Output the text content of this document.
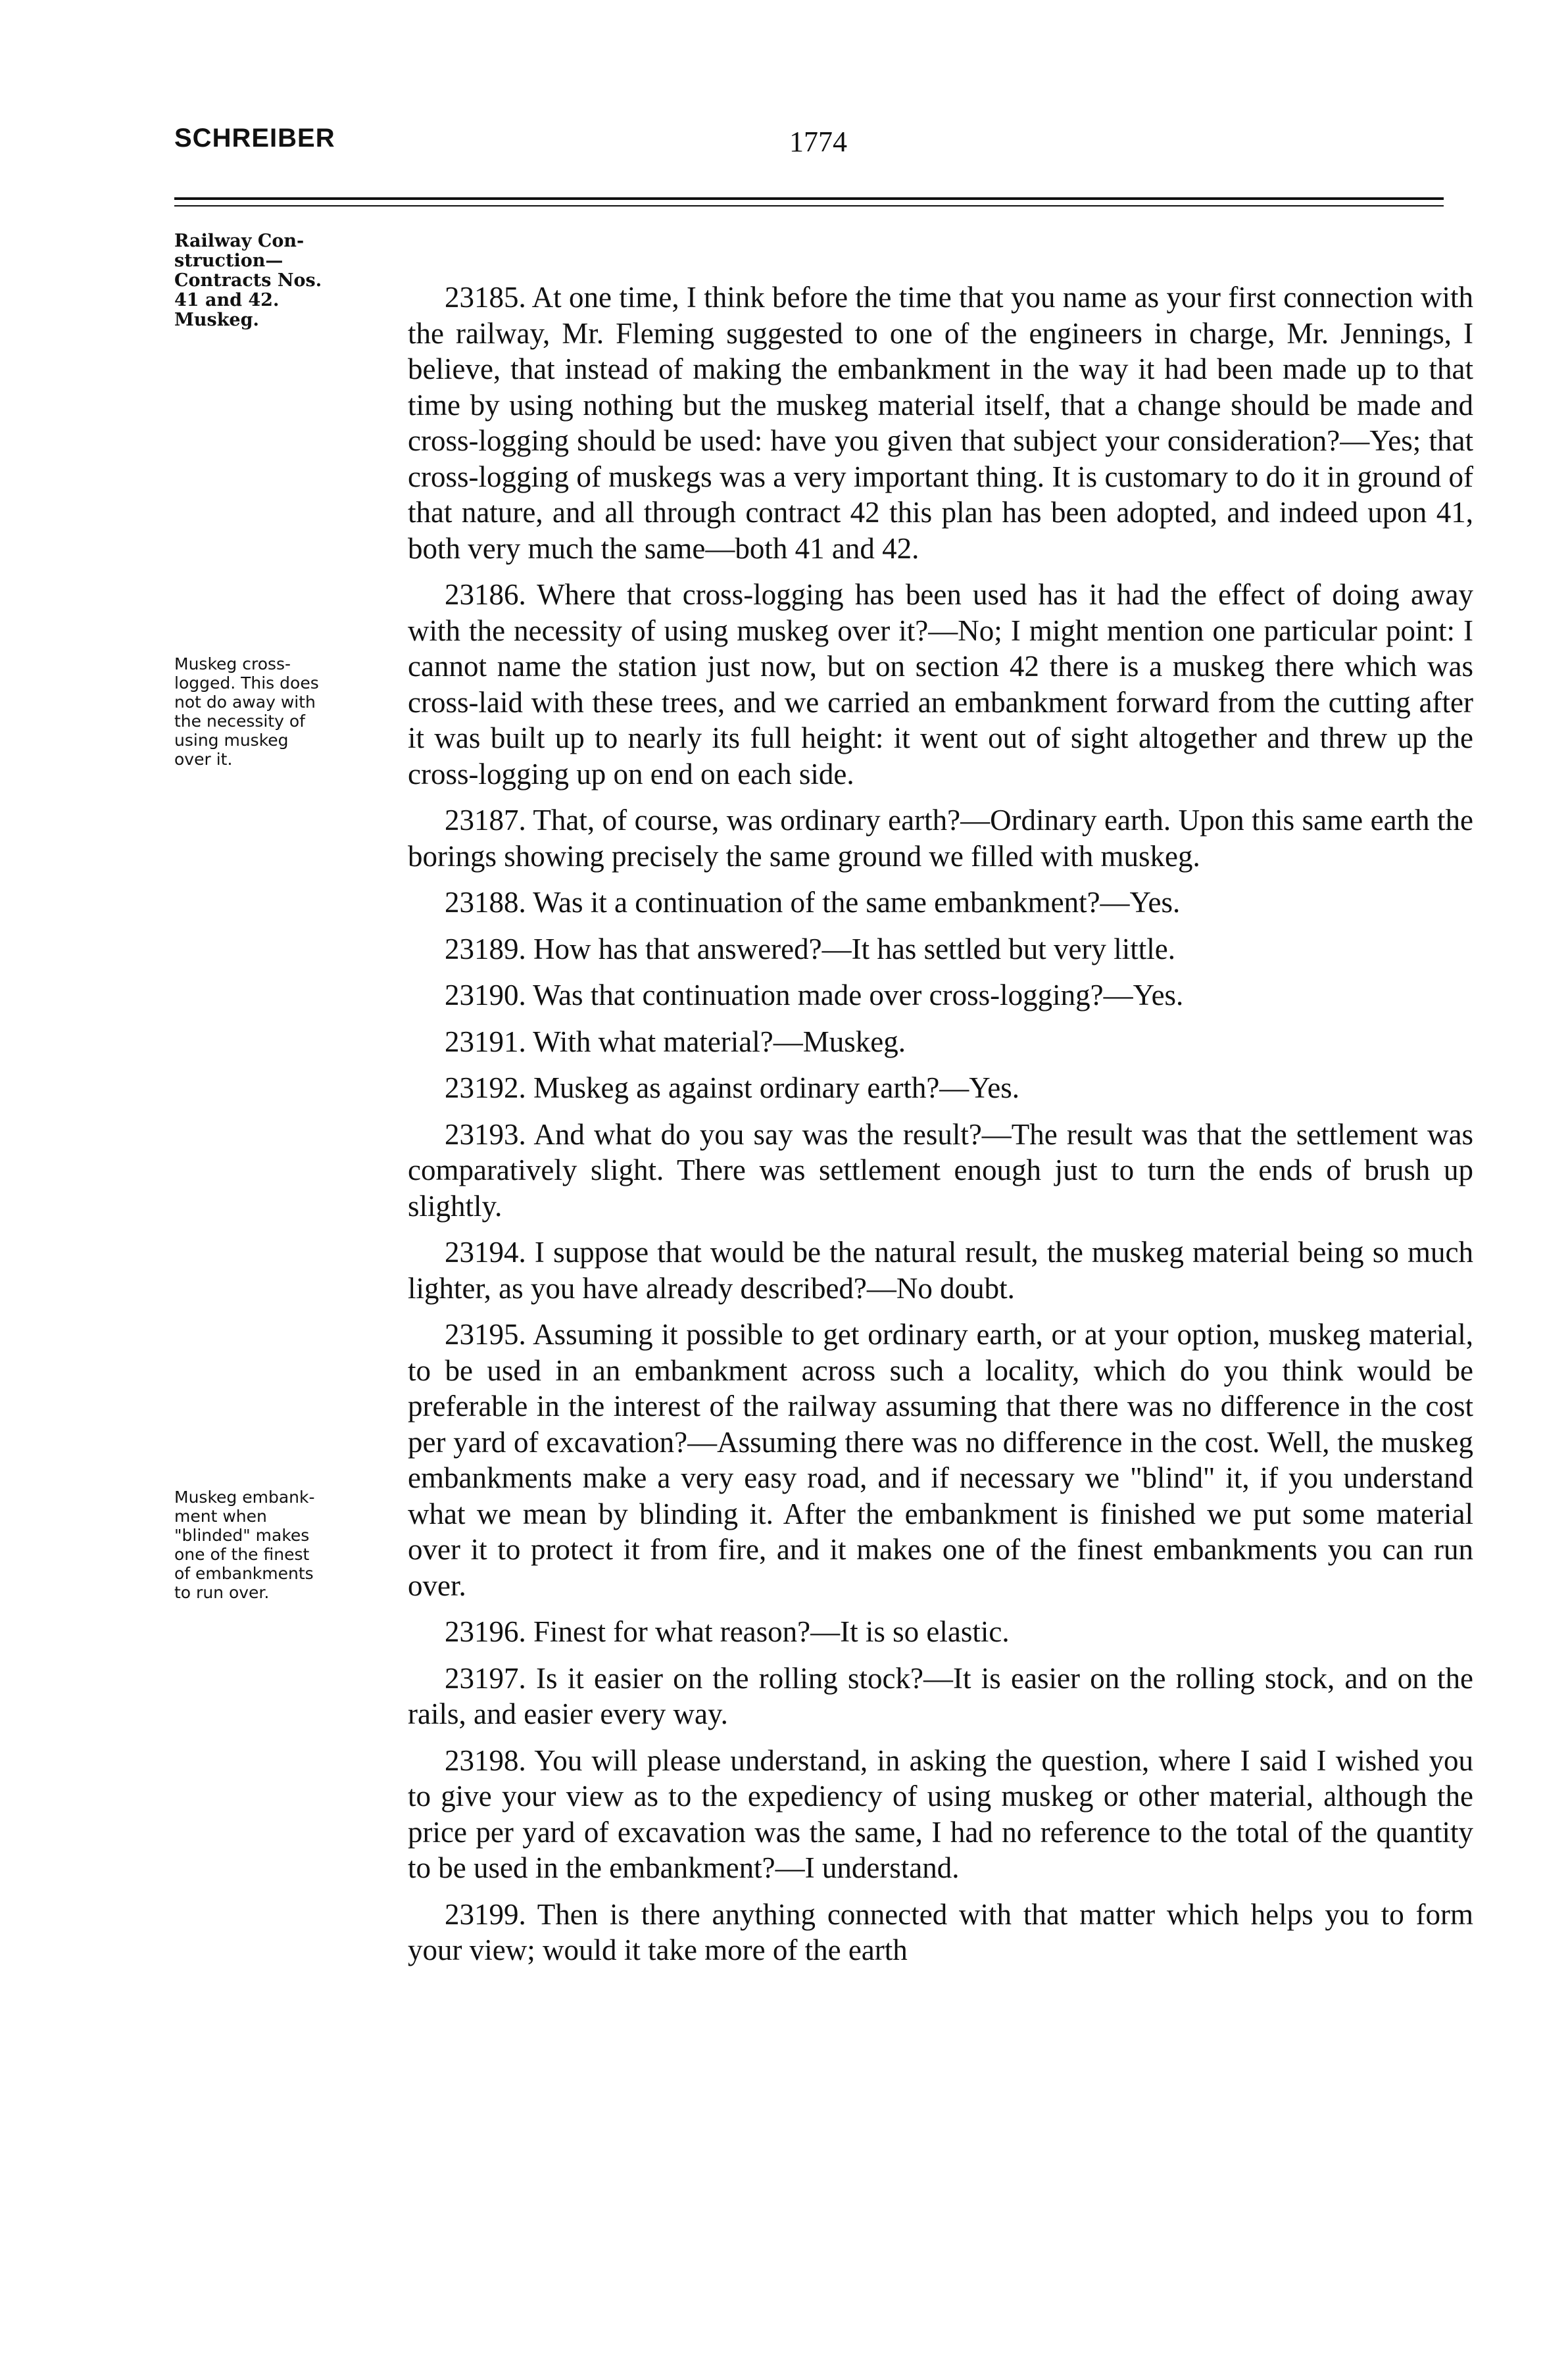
SCHREIBER	1774
Railway Con-
struction—
Contracts Nos.
41 and 42.
Muskeg.
Muskeg cross-
logged. This does
not do away with
the necessity of
using muskeg
over it.
Muskeg embank-
ment when
"blinded" makes
one of the finest
of embankments
to run over.

23185. At one time, I think before the time that you name as your first connection with the railway, Mr. Fleming suggested to one of the engineers in charge, Mr. Jennings, I believe, that instead of making the embankment in the way it had been made up to that time by using nothing but the muskeg material itself, that a change should be made and cross-logging should be used: have you given that subject your consideration?—Yes; that cross-logging of muskegs was a very important thing. It is customary to do it in ground of that nature, and all through contract 42 this plan has been adopted, and indeed upon 41, both very much the same—both 41 and 42.

23186. Where that cross-logging has been used has it had the effect of doing away with the necessity of using muskeg over it?—No; I might mention one particular point: I cannot name the station just now, but on section 42 there is a muskeg there which was cross-laid with these trees, and we carried an embankment forward from the cutting after it was built up to nearly its full height: it went out of sight altogether and threw up the cross-logging up on end on each side.

23187. That, of course, was ordinary earth?—Ordinary earth. Upon this same earth the borings showing precisely the same ground we filled with muskeg.

23188. Was it a continuation of the same embankment?—Yes.

23189. How has that answered?—It has settled but very little.

23190. Was that continuation made over cross-logging?—Yes.

23191. With what material?—Muskeg.

23192. Muskeg as against ordinary earth?—Yes.

23193. And what do you say was the result?—The result was that the settlement was comparatively slight. There was settlement enough just to turn the ends of brush up slightly.

23194. I suppose that would be the natural result, the muskeg material being so much lighter, as you have already described?—No doubt.

23195. Assuming it possible to get ordinary earth, or at your option, muskeg material, to be used in an embankment across such a locality, which do you think would be preferable in the interest of the railway assuming that there was no difference in the cost per yard of excavation?—Assuming there was no difference in the cost. Well, the muskeg embankments make a very easy road, and if necessary we "blind" it, if you understand what we mean by blinding it. After the embankment is finished we put some material over it to protect it from fire, and it makes one of the finest embankments you can run over.

23196. Finest for what reason?—It is so elastic.

23197. Is it easier on the rolling stock?—It is easier on the rolling stock, and on the rails, and easier every way.

23198. You will please understand, in asking the question, where I said I wished you to give your view as to the expediency of using muskeg or other material, although the price per yard of excavation was the same, I had no reference to the total of the quantity to be used in the embankment?—I understand.

23199. Then is there anything connected with that matter which helps you to form your view; would it take more of the earth
